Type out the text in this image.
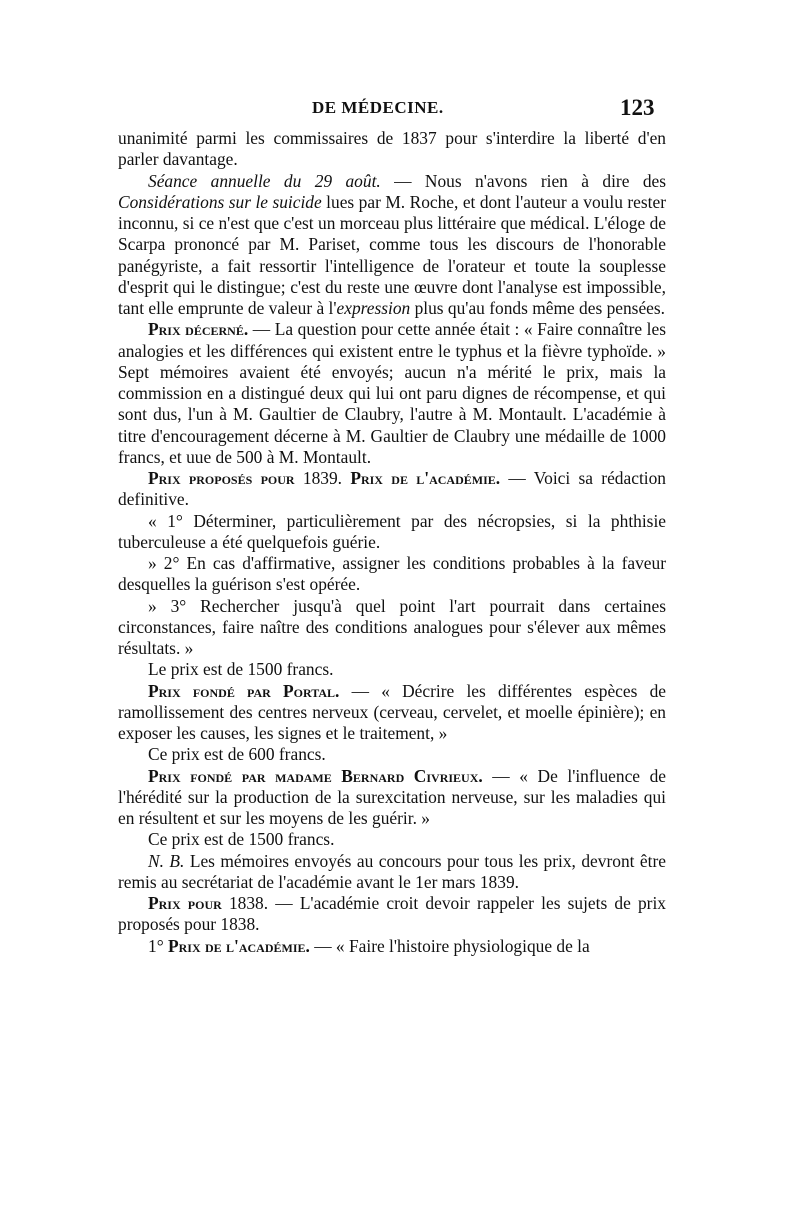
DE MÉDECINE.	123

unanimité parmi les commissaires de 1837 pour s'interdire la liberté d'en parler davantage.

Séance annuelle du 29 août. — Nous n'avons rien à dire des Considérations sur le suicide lues par M. Roche, et dont l'auteur a voulu rester inconnu, si ce n'est que c'est un morceau plus littéraire que médical. L'éloge de Scarpa prononcé par M. Pariset, comme tous les discours de l'honorable panégyriste, a fait ressortir l'intelligence de l'orateur et toute la souplesse d'esprit qui le distingue; c'est du reste une œuvre dont l'analyse est impossible, tant elle emprunte de valeur à l'expression plus qu'au fonds même des pensées.

Prix décerné. — La question pour cette année était : « Faire connaître les analogies et les différences qui existent entre le typhus et la fièvre typhoïde. » Sept mémoires avaient été envoyés; aucun n'a mérité le prix, mais la commission en a distingué deux qui lui ont paru dignes de récompense, et qui sont dus, l'un à M. Gaultier de Claubry, l'autre à M. Montault. L'académie à titre d'encouragement décerne à M. Gaultier de Claubry une médaille de 1000 francs, et uue de 500 à M. Montault.

Prix proposés pour 1839. Prix de l'académie. — Voici sa rédaction definitive.

« 1° Déterminer, particulièrement par des nécropsies, si la phthisie tuberculeuse a été quelquefois guérie.

» 2° En cas d'affirmative, assigner les conditions probables à la faveur desquelles la guérison s'est opérée.

» 3° Rechercher jusqu'à quel point l'art pourrait dans certaines circonstances, faire naître des conditions analogues pour s'élever aux mêmes résultats. »

Le prix est de 1500 francs.

Prix fondé par Portal. — « Décrire les différentes espèces de ramollissement des centres nerveux (cerveau, cervelet, et moelle épinière); en exposer les causes, les signes et le traitement, »

Ce prix est de 600 francs.

Prix fondé par madame Bernard Civrieux. — « De l'influence de l'hérédité sur la production de la surexcitation nerveuse, sur les maladies qui en résultent et sur les moyens de les guérir. »

Ce prix est de 1500 francs.

N. B. Les mémoires envoyés au concours pour tous les prix, devront être remis au secrétariat de l'académie avant le 1er mars 1839.

Prix pour 1838. — L'académie croit devoir rappeler les sujets de prix proposés pour 1838.

1° Prix de l'académie. — « Faire l'histoire physiologique de la
